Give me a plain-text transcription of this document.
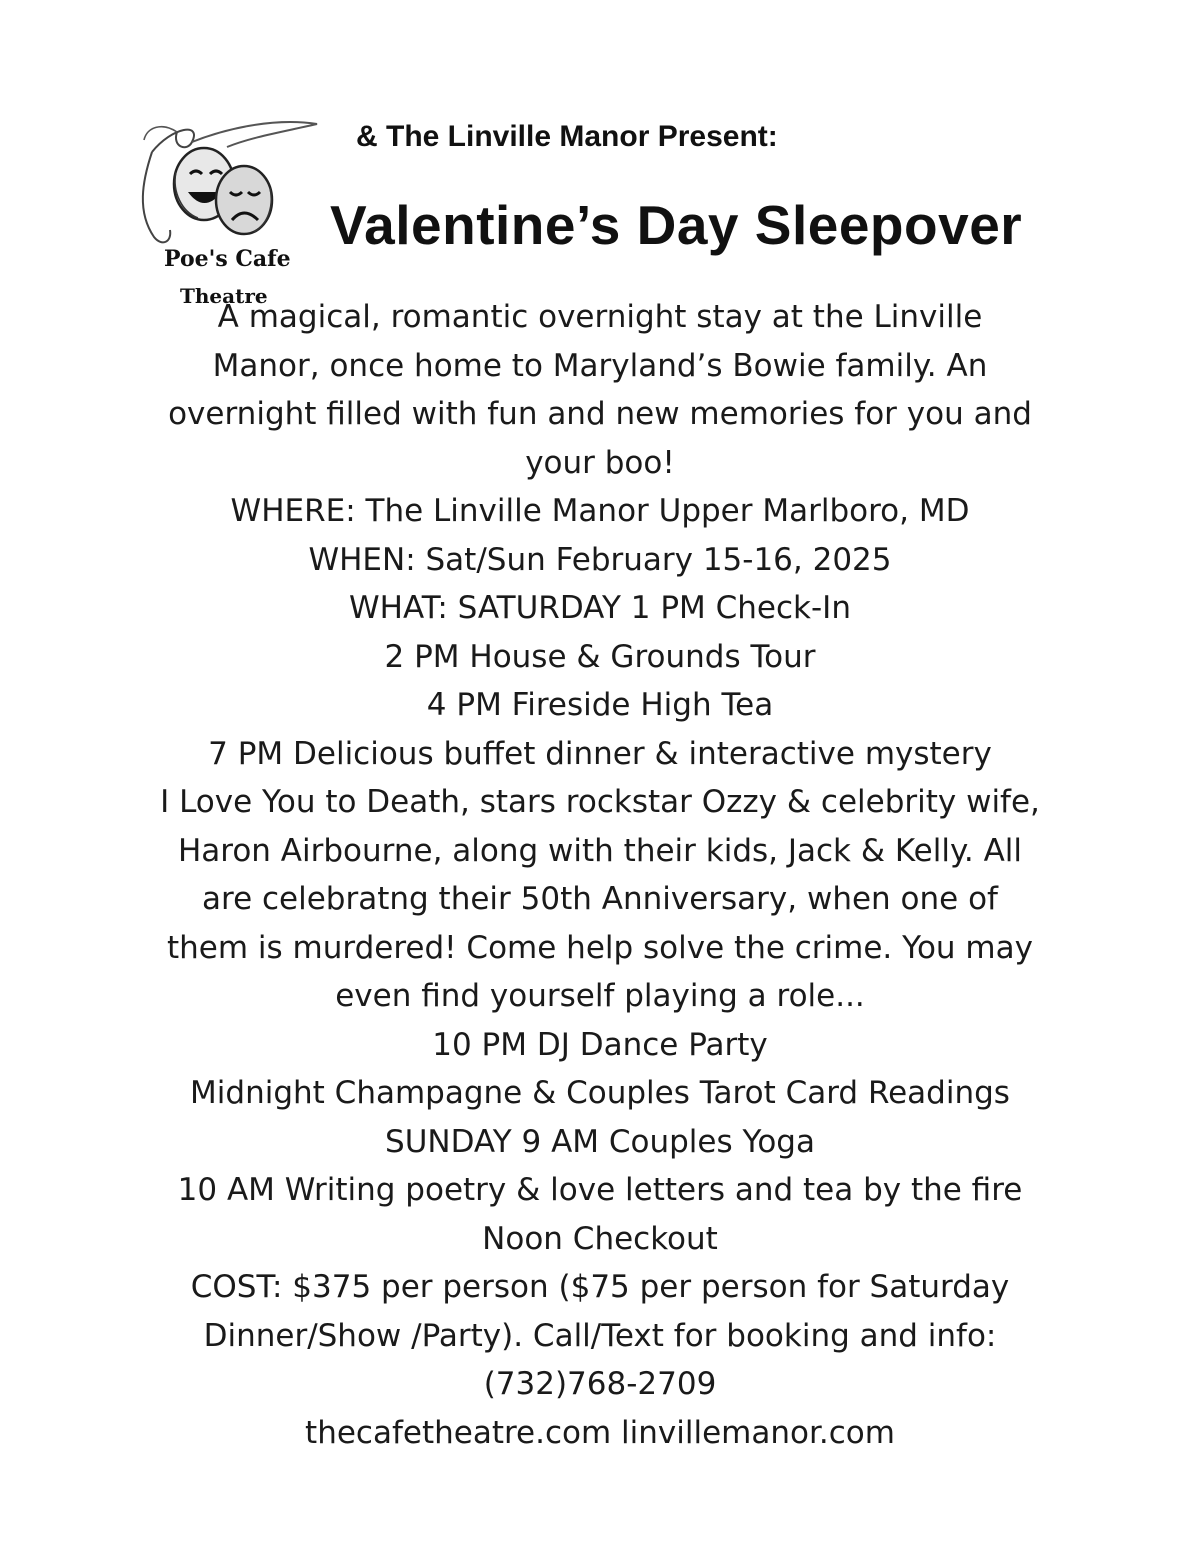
Poe's Cafe
Theatre
& The Linville Manor Present:
Valentine’s Day Sleepover
A magical, romantic overnight stay at the Linville
Manor, once home to Maryland’s Bowie family. An
overnight filled with fun and new memories for you and
your boo!
WHERE: The Linville Manor Upper Marlboro, MD
WHEN: Sat/Sun February 15-16, 2025
WHAT: SATURDAY 1 PM Check-In
2 PM House & Grounds Tour
4 PM Fireside High Tea
7 PM Delicious buffet dinner & interactive mystery
I Love You to Death, stars rockstar Ozzy & celebrity wife,
Haron Airbourne, along with their kids, Jack & Kelly. All
are celebratng their 50th Anniversary, when one of
them is murdered! Come help solve the crime. You may
even find yourself playing a role...
10 PM DJ Dance Party
Midnight Champagne & Couples Tarot Card Readings
SUNDAY 9 AM Couples Yoga
10 AM Writing poetry & love letters and tea by the fire
Noon Checkout
COST: $375 per person ($75 per person for Saturday
Dinner/Show /Party). Call/Text for booking and info:
(732)768-2709
thecafetheatre.com linvillemanor.com
